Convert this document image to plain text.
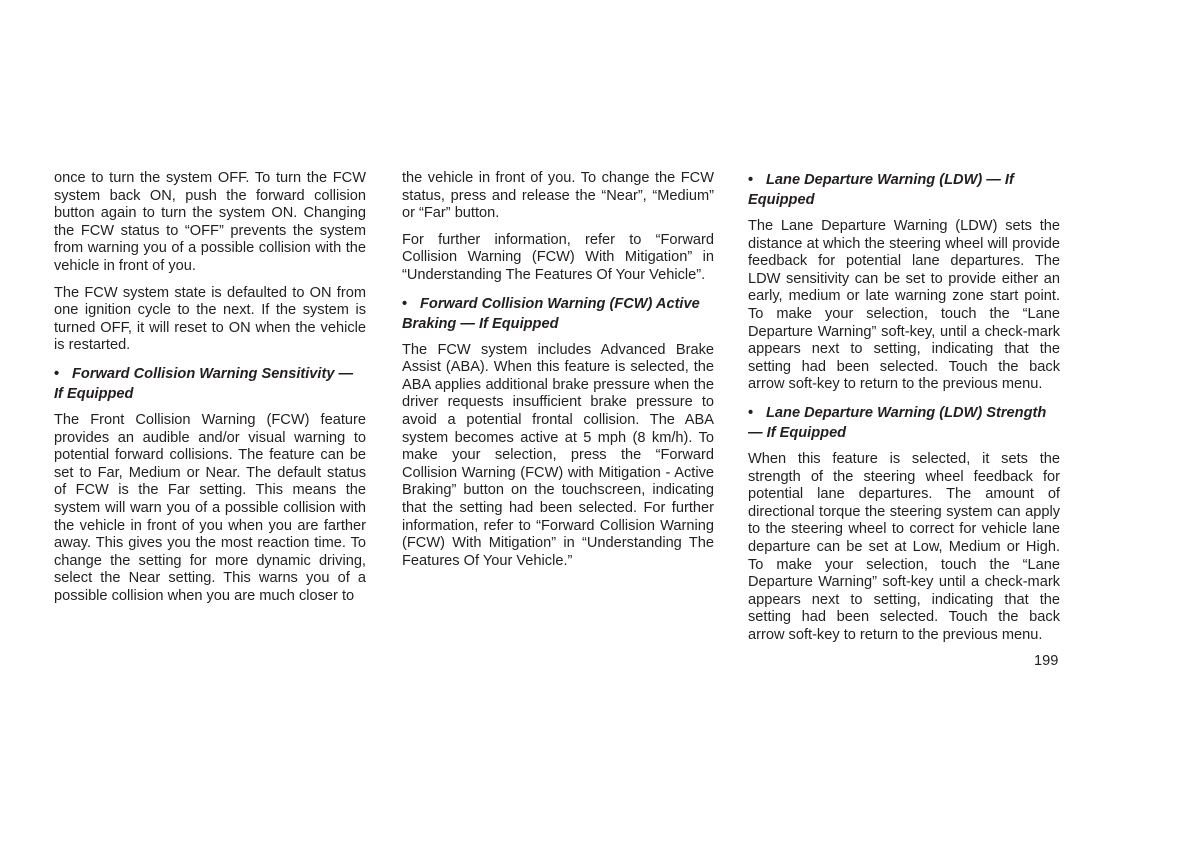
once to turn the system OFF. To turn the FCW system back ON, push the forward collision button again to turn the system ON. Changing the FCW status to “OFF” prevents the system from warning you of a possible collision with the vehicle in front of you.

The FCW system state is defaulted to ON from one ignition cycle to the next. If the system is turned OFF, it will reset to ON when the vehicle is restarted.

• Forward Collision Warning Sensitivity — If Equipped

The Front Collision Warning (FCW) feature provides an audible and/or visual warning to potential forward collisions. The feature can be set to Far, Medium or Near. The default status of FCW is the Far setting. This means the system will warn you of a possible collision with the vehicle in front of you when you are farther away. This gives you the most reaction time. To change the setting for more dynamic driving, select the Near setting. This warns you of a possible collision when you are much closer to

the vehicle in front of you. To change the FCW status, press and release the “Near”, “Medium” or “Far” button.

For further information, refer to “Forward Collision Warning (FCW) With Mitigation” in “Understanding The Features Of Your Vehicle”.

• Forward Collision Warning (FCW) Active Braking — If Equipped

The FCW system includes Advanced Brake Assist (ABA). When this feature is selected, the ABA applies additional brake pressure when the driver requests insufficient brake pressure to avoid a potential frontal collision. The ABA system becomes active at 5 mph (8 km/h). To make your selection, press the “Forward Collision Warning (FCW) with Mitigation - Active Braking” button on the touchscreen, indicating that the setting had been selected. For further information, refer to “Forward Collision Warning (FCW) With Mitigation” in “Understanding The Features Of Your Vehicle.”

• Lane Departure Warning (LDW) — If Equipped

The Lane Departure Warning (LDW) sets the distance at which the steering wheel will provide feedback for potential lane departures. The LDW sensitivity can be set to provide either an early, medium or late warning zone start point. To make your selection, touch the “Lane Departure Warning” soft-key, until a check-mark appears next to setting, indicating that the setting had been selected. Touch the back arrow soft-key to return to the previous menu.

• Lane Departure Warning (LDW) Strength — If Equipped

When this feature is selected, it sets the strength of the steering wheel feedback for potential lane departures. The amount of directional torque the steering system can apply to the steering wheel to correct for vehicle lane departure can be set at Low, Medium or High. To make your selection, touch the “Lane Departure Warning” soft-key until a check-mark appears next to setting, indicating that the setting had been selected. Touch the back arrow soft-key to return to the previous menu.

199
